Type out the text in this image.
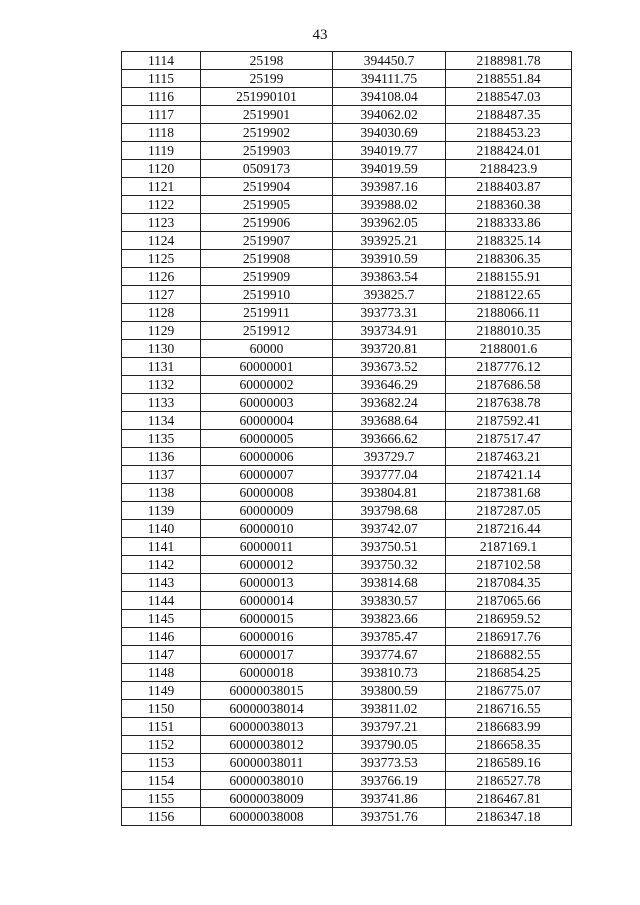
43
1114	25198	394450.7	2188981.78
1115	25199	394111.75	2188551.84
1116	251990101	394108.04	2188547.03
1117	2519901	394062.02	2188487.35
1118	2519902	394030.69	2188453.23
1119	2519903	394019.77	2188424.01
1120	0509173	394019.59	2188423.9
1121	2519904	393987.16	2188403.87
1122	2519905	393988.02	2188360.38
1123	2519906	393962.05	2188333.86
1124	2519907	393925.21	2188325.14
1125	2519908	393910.59	2188306.35
1126	2519909	393863.54	2188155.91
1127	2519910	393825.7	2188122.65
1128	2519911	393773.31	2188066.11
1129	2519912	393734.91	2188010.35
1130	60000	393720.81	2188001.6
1131	60000001	393673.52	2187776.12
1132	60000002	393646.29	2187686.58
1133	60000003	393682.24	2187638.78
1134	60000004	393688.64	2187592.41
1135	60000005	393666.62	2187517.47
1136	60000006	393729.7	2187463.21
1137	60000007	393777.04	2187421.14
1138	60000008	393804.81	2187381.68
1139	60000009	393798.68	2187287.05
1140	60000010	393742.07	2187216.44
1141	60000011	393750.51	2187169.1
1142	60000012	393750.32	2187102.58
1143	60000013	393814.68	2187084.35
1144	60000014	393830.57	2187065.66
1145	60000015	393823.66	2186959.52
1146	60000016	393785.47	2186917.76
1147	60000017	393774.67	2186882.55
1148	60000018	393810.73	2186854.25
1149	60000038015	393800.59	2186775.07
1150	60000038014	393811.02	2186716.55
1151	60000038013	393797.21	2186683.99
1152	60000038012	393790.05	2186658.35
1153	60000038011	393773.53	2186589.16
1154	60000038010	393766.19	2186527.78
1155	60000038009	393741.86	2186467.81
1156	60000038008	393751.76	2186347.18
